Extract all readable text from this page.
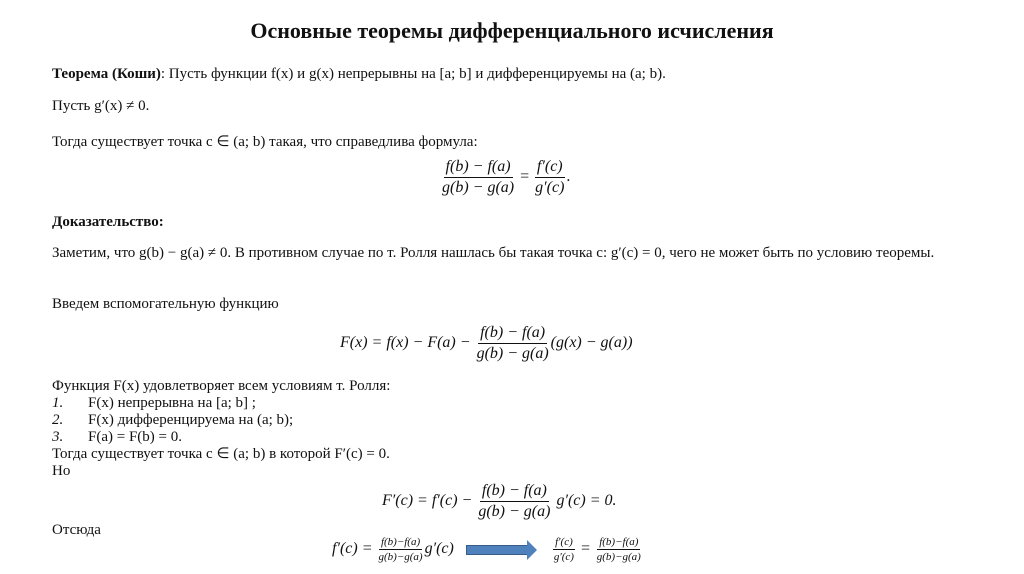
Основные теоремы дифференциального исчисления
Теорема (Коши): Пусть функции f(x) и g(x) непрерывны на [a; b] и дифференцируемы на (a; b).
Пусть g′(x) ≠ 0.
Тогда существует точка c ∈ (a; b) такая, что справедлива формула:
$\frac{f(b) - f(a)}{g(b) - g(a)} = \frac{f'(c)}{g'(c)}$ .
Доказательство:
Заметим, что g(b) − g(a) ≠ 0. В противном случае по т. Ролля нашлась бы такая точка c: g′(c) = 0, чего не может быть по условию теоремы.
Введем вспомогательную функцию
$F(x) = f(x) - F(a) - \frac{f(b) - f(a)}{g(b) - g(a)} (g(x) - g(a))$
Функция F(x) удовлетворяет всем условиям т. Ролля:
1. F(x) непрерывна на [a; b] ;
2. F(x) дифференцируема на (a; b);
3. F(a) = F(b) = 0.
Тогда существует точка c ∈ (a; b) в которой F′(c) = 0.
Но
$F'(c) = f'(c) - \frac{f(b) - f(a)}{g(b) - g(a)} g'(c) = 0$.
Отсюда
$f'(c) = \frac{f(b)-f(a)}{g(b)-g(a)} g'(c)$	$\frac{f'(c)}{g'(c)} = \frac{f(b)-f(a)}{g(b)-g(a)}$
